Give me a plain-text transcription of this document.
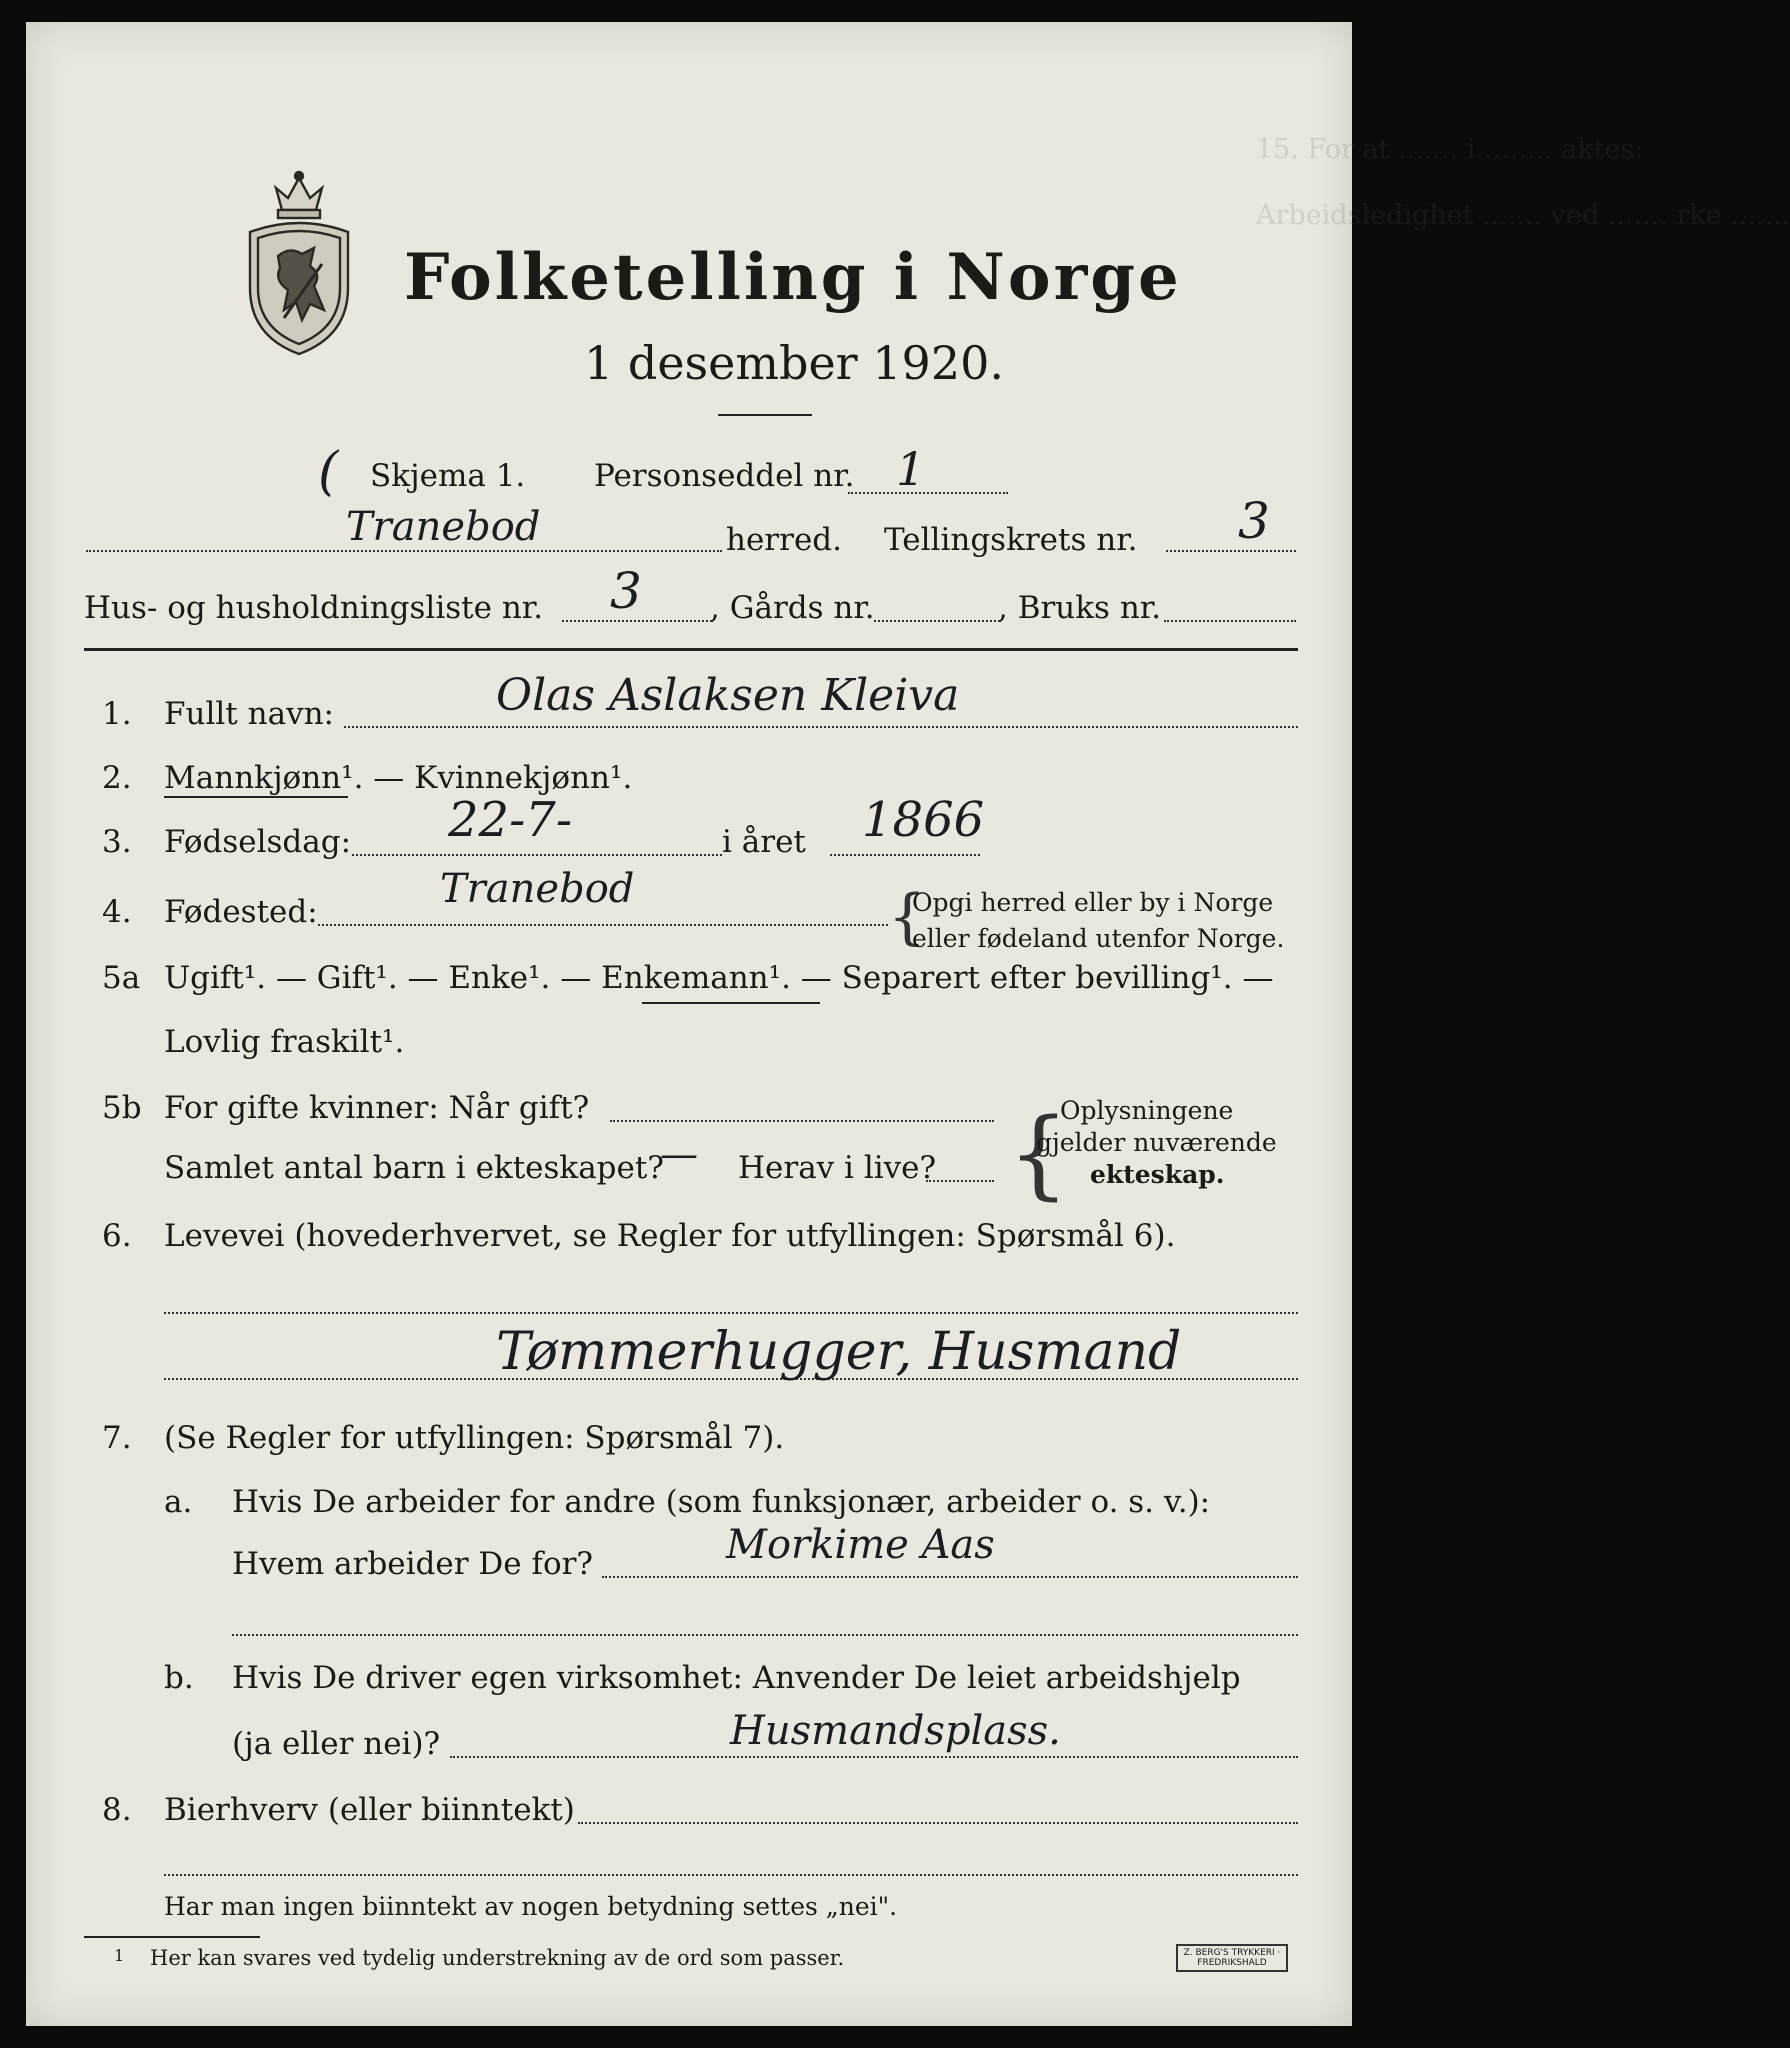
15. For at ....... i ........ aktes:
Arbeidsledighet ....... ved ....... rke .......
Folketelling i Norge
1 desember 1920.
( Skjema 1. Personseddel nr. 1
Tranebod	herred. Tellingskrets nr. 3
Hus- og husholdningsliste nr. 3 , Gårds nr.	, Bruks nr.
1. Fullt navn:	Olas Aslaksen Kleiva
2. Mannkjønn¹. — Kvinnekjønn¹.
3. Fødselsdag: 22-7-	i året 1866
4. Fødested:	Tranebod	{
Opgi herred eller by i Norge
eller fødeland utenfor Norge.
5a Ugift¹. — Gift¹. — Enke¹. — Enkemann¹. — Separert efter bevilling¹. —
Lovlig fraskilt¹.
5b For gifte kvinner: Når gift?
Samlet antal barn i ekteskapet?
— Herav i live? {
Oplysningene
gjelder nuværende
ekteskap.
6. Levevei (hovederhvervet, se Regler for utfyllingen: Spørsmål 6).
Tømmerhugger, Husmand
7. (Se Regler for utfyllingen: Spørsmål 7).
a. Hvis De arbeider for andre (som funksjonær, arbeider o. s. v.):
Hvem arbeider De for?	Morkime Aas
b. Hvis De driver egen virksomhet: Anvender De leiet arbeidshjelp
(ja eller nei)?	Husmandsplass.
8. Bierhverv (eller biinntekt)
Har man ingen biinntekt av nogen betydning settes „nei".
1 Her kan svares ved tydelig understrekning av de ord som passer.	Z. BERG'S TRYKKERI · FREDRIKSHALD
